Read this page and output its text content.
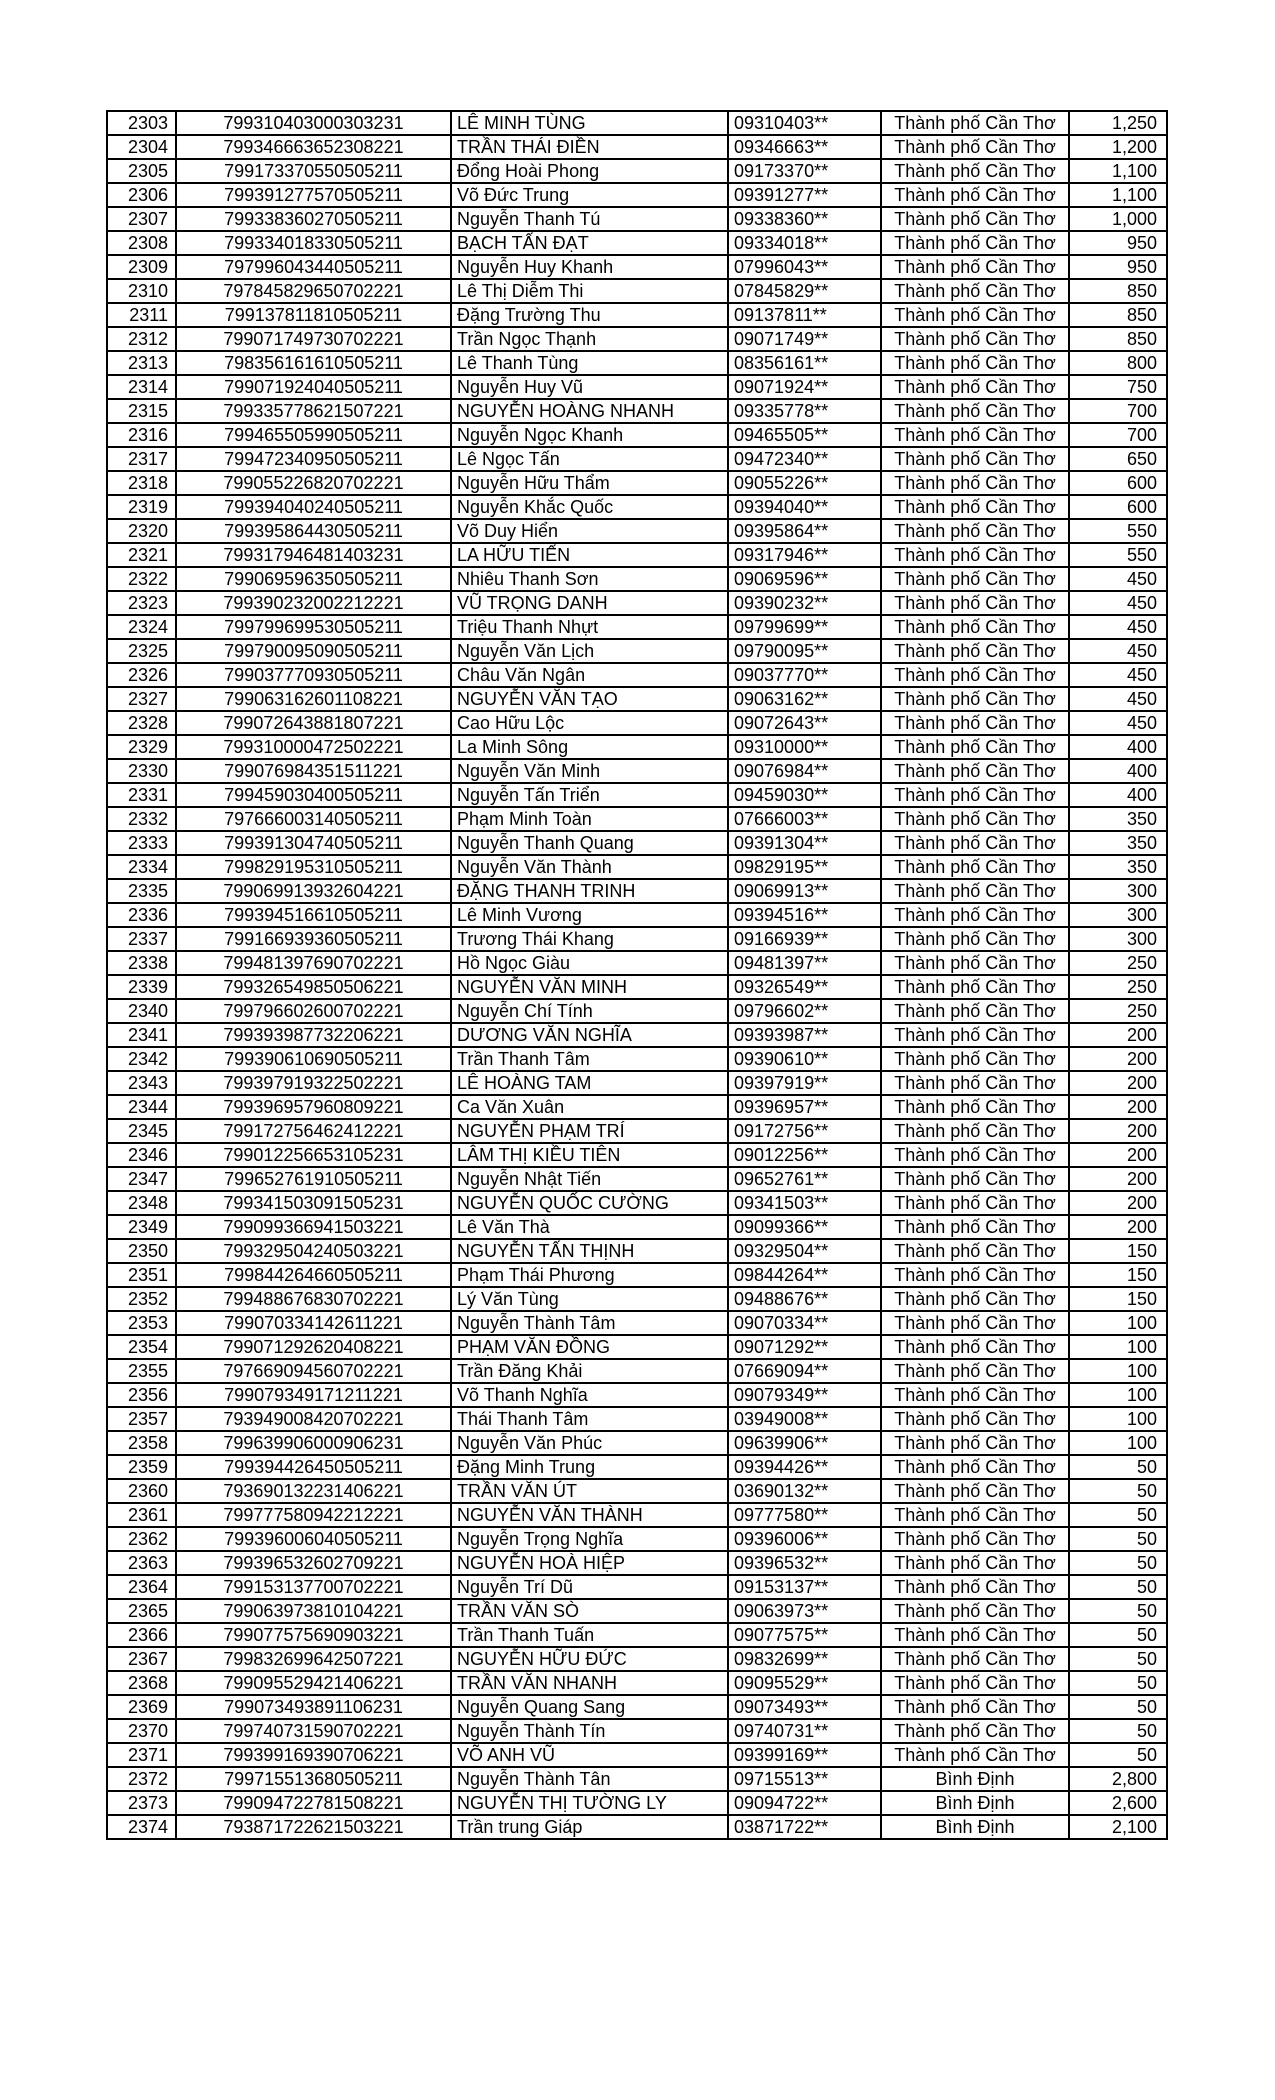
2303	799310403000303231	LÊ MINH TÙNG	09310403**	Thành phố Cần Thơ	1,250
2304	799346663652308221	TRẦN THÁI ĐIỀN	09346663**	Thành phố Cần Thơ	1,200
2305	799173370550505211	Đổng Hoài Phong	09173370**	Thành phố Cần Thơ	1,100
2306	799391277570505211	Võ Đức Trung	09391277**	Thành phố Cần Thơ	1,100
2307	799338360270505211	Nguyễn Thanh Tú	09338360**	Thành phố Cần Thơ	1,000
2308	799334018330505211	BẠCH TẤN ĐẠT	09334018**	Thành phố Cần Thơ	950
2309	797996043440505211	Nguyễn Huy Khanh	07996043**	Thành phố Cần Thơ	950
2310	797845829650702221	Lê Thị Diễm Thi	07845829**	Thành phố Cần Thơ	850
2311	799137811810505211	Đặng Trường Thu	09137811**	Thành phố Cần Thơ	850
2312	799071749730702221	Trần Ngọc Thạnh	09071749**	Thành phố Cần Thơ	850
2313	798356161610505211	Lê Thanh Tùng	08356161**	Thành phố Cần Thơ	800
2314	799071924040505211	Nguyễn Huy Vũ	09071924**	Thành phố Cần Thơ	750
2315	799335778621507221	NGUYỄN HOÀNG NHANH	09335778**	Thành phố Cần Thơ	700
2316	799465505990505211	Nguyễn Ngọc Khanh	09465505**	Thành phố Cần Thơ	700
2317	799472340950505211	Lê Ngọc Tấn	09472340**	Thành phố Cần Thơ	650
2318	799055226820702221	Nguyễn Hữu Thẩm	09055226**	Thành phố Cần Thơ	600
2319	799394040240505211	Nguyễn Khắc Quốc	09394040**	Thành phố Cần Thơ	600
2320	799395864430505211	Võ Duy Hiển	09395864**	Thành phố Cần Thơ	550
2321	799317946481403231	LA HỮU TIẾN	09317946**	Thành phố Cần Thơ	550
2322	799069596350505211	Nhiêu Thanh Sơn	09069596**	Thành phố Cần Thơ	450
2323	799390232002212221	VŨ TRỌNG DANH	09390232**	Thành phố Cần Thơ	450
2324	799799699530505211	Triệu Thanh Nhựt	09799699**	Thành phố Cần Thơ	450
2325	799790095090505211	Nguyễn Văn Lịch	09790095**	Thành phố Cần Thơ	450
2326	799037770930505211	Châu Văn Ngân	09037770**	Thành phố Cần Thơ	450
2327	799063162601108221	NGUYỄN VĂN TẠO	09063162**	Thành phố Cần Thơ	450
2328	799072643881807221	Cao Hữu Lộc	09072643**	Thành phố Cần Thơ	450
2329	799310000472502221	La Minh Sông	09310000**	Thành phố Cần Thơ	400
2330	799076984351511221	Nguyễn Văn Minh	09076984**	Thành phố Cần Thơ	400
2331	799459030400505211	Nguyễn Tấn Triển	09459030**	Thành phố Cần Thơ	400
2332	797666003140505211	Phạm Minh Toàn	07666003**	Thành phố Cần Thơ	350
2333	799391304740505211	Nguyễn Thanh Quang	09391304**	Thành phố Cần Thơ	350
2334	799829195310505211	Nguyễn Văn Thành	09829195**	Thành phố Cần Thơ	350
2335	799069913932604221	ĐẶNG THANH TRINH	09069913**	Thành phố Cần Thơ	300
2336	799394516610505211	Lê Minh Vương	09394516**	Thành phố Cần Thơ	300
2337	799166939360505211	Trương Thái Khang	09166939**	Thành phố Cần Thơ	300
2338	799481397690702221	Hồ Ngọc Giàu	09481397**	Thành phố Cần Thơ	250
2339	799326549850506221	NGUYỄN VĂN MINH	09326549**	Thành phố Cần Thơ	250
2340	799796602600702221	Nguyễn Chí Tính	09796602**	Thành phố Cần Thơ	250
2341	799393987732206221	DƯƠNG VĂN NGHĨA	09393987**	Thành phố Cần Thơ	200
2342	799390610690505211	Trần Thanh Tâm	09390610**	Thành phố Cần Thơ	200
2343	799397919322502221	LÊ HOÀNG TAM	09397919**	Thành phố Cần Thơ	200
2344	799396957960809221	Ca Văn Xuân	09396957**	Thành phố Cần Thơ	200
2345	799172756462412221	NGUYỄN PHẠM TRÍ	09172756**	Thành phố Cần Thơ	200
2346	799012256653105231	LÂM THỊ KIỀU TIÊN	09012256**	Thành phố Cần Thơ	200
2347	799652761910505211	Nguyễn Nhật Tiến	09652761**	Thành phố Cần Thơ	200
2348	799341503091505231	NGUYỄN QUỐC CƯỜNG	09341503**	Thành phố Cần Thơ	200
2349	799099366941503221	Lê Văn Thà	09099366**	Thành phố Cần Thơ	200
2350	799329504240503221	NGUYỄN TẤN THỊNH	09329504**	Thành phố Cần Thơ	150
2351	799844264660505211	Phạm Thái Phương	09844264**	Thành phố Cần Thơ	150
2352	799488676830702221	Lý Văn Tùng	09488676**	Thành phố Cần Thơ	150
2353	799070334142611221	Nguyễn Thành Tâm	09070334**	Thành phố Cần Thơ	100
2354	799071292620408221	PHẠM VĂN ĐỒNG	09071292**	Thành phố Cần Thơ	100
2355	797669094560702221	Trần Đăng Khải	07669094**	Thành phố Cần Thơ	100
2356	799079349171211221	Võ Thanh Nghĩa	09079349**	Thành phố Cần Thơ	100
2357	793949008420702221	Thái Thanh Tâm	03949008**	Thành phố Cần Thơ	100
2358	799639906000906231	Nguyễn Văn Phúc	09639906**	Thành phố Cần Thơ	100
2359	799394426450505211	Đặng Minh Trung	09394426**	Thành phố Cần Thơ	50
2360	793690132231406221	TRẦN VĂN ÚT	03690132**	Thành phố Cần Thơ	50
2361	799777580942212221	NGUYỄN VĂN THÀNH	09777580**	Thành phố Cần Thơ	50
2362	799396006040505211	Nguyễn Trọng Nghĩa	09396006**	Thành phố Cần Thơ	50
2363	799396532602709221	NGUYỄN HOÀ HIỆP	09396532**	Thành phố Cần Thơ	50
2364	799153137700702221	Nguyễn Trí Dũ	09153137**	Thành phố Cần Thơ	50
2365	799063973810104221	TRẦN VĂN SÒ	09063973**	Thành phố Cần Thơ	50
2366	799077575690903221	Trần Thanh Tuấn	09077575**	Thành phố Cần Thơ	50
2367	799832699642507221	NGUYỄN HỮU ĐỨC	09832699**	Thành phố Cần Thơ	50
2368	799095529421406221	TRẦN VĂN NHANH	09095529**	Thành phố Cần Thơ	50
2369	799073493891106231	Nguyễn Quang Sang	09073493**	Thành phố Cần Thơ	50
2370	799740731590702221	Nguyễn Thành Tín	09740731**	Thành phố Cần Thơ	50
2371	799399169390706221	VÕ ANH VŨ	09399169**	Thành phố Cần Thơ	50
2372	799715513680505211	Nguyễn Thành Tân	09715513**	Bình Định	2,800
2373	799094722781508221	NGUYỄN THỊ TƯỜNG LY	09094722**	Bình Định	2,600
2374	793871722621503221	Trần trung Giáp	03871722**	Bình Định	2,100
